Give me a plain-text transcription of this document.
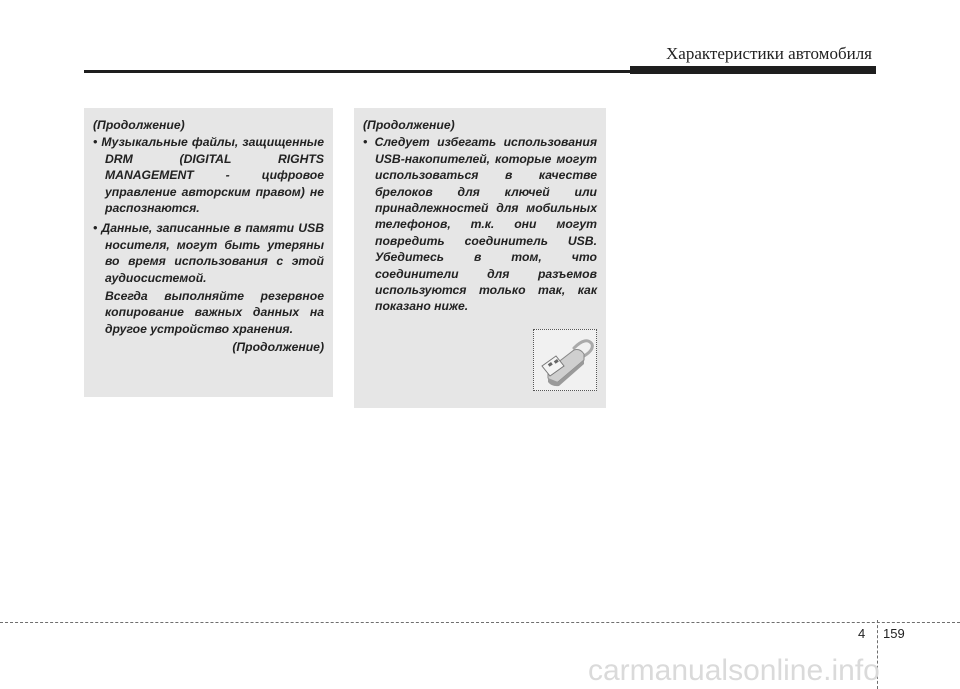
Характеристики автомобиля

(Продолжение)

• Музыкальные файлы, защищенные DRM (DIGITAL RIGHTS MANAGEMENT - цифровое управление авторским правом) не распознаются.

• Данные, записанные в памяти USB носителя, могут быть утеряны во время использования с этой аудиосистемой.

Всегда выполняйте резервное копирование важных данных на другое устройство хранения.

(Продолжение)

(Продолжение)

• Следует избегать использования USB-накопителей, которые могут использоваться в качестве брелоков для ключей или принадлежностей для мобильных телефонов, т.к. они могут повредить соединитель USB. Убедитесь в том, что соединители для разъемов используются только так, как показано ниже.

4 159
carmanualsonline.info
